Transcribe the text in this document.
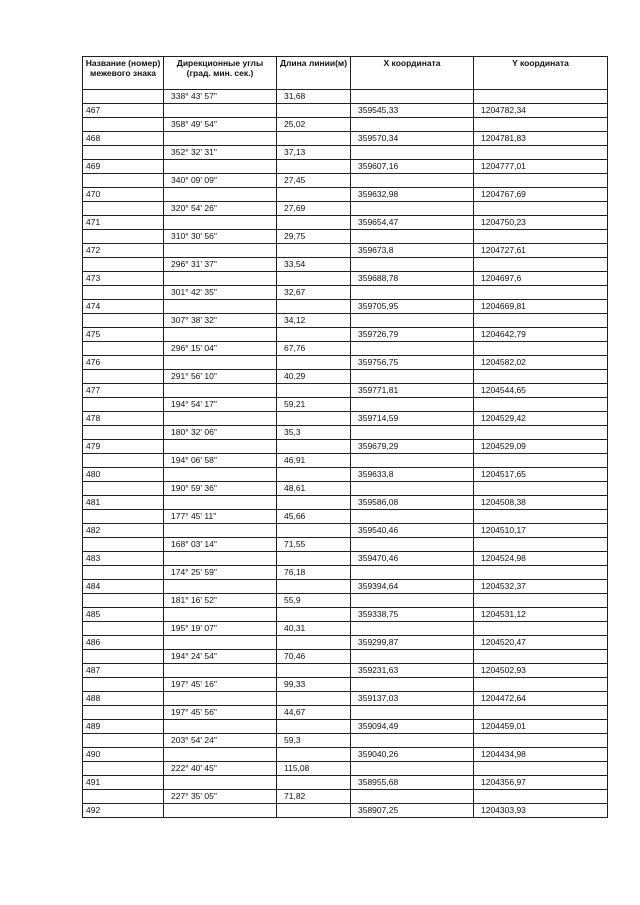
Название (номер) межевого знака	Дирекционные углы (град. мин. сек.)	Длина линии(м)	X координата	Y координата
	338° 43' 57"	31,68		
467			359545,33	1204782,34
	358° 49' 54"	25,02		
468			359570,34	1204781,83
	352° 32' 31"	37,13		
469			359607,16	1204777,01
	340° 09' 09"	27,45		
470			359632,98	1204767,69
	320° 54' 26"	27,69		
471			359654,47	1204750,23
	310° 30' 56"	29,75		
472			359673,8	1204727,61
	296° 31' 37"	33,54		
473			359688,78	1204697,6
	301° 42' 35"	32,67		
474			359705,95	1204669,81
	307° 38' 32"	34,12		
475			359726,79	1204642,79
	296° 15' 04"	67,76		
476			359756,75	1204582,02
	291° 56' 10"	40,29		
477			359771,81	1204544,65
	194° 54' 17"	59,21		
478			359714,59	1204529,42
	180° 32' 06"	35,3		
479			359679,29	1204529,09
	194° 06' 58"	46,91		
480			359633,8	1204517,65
	190° 59' 36"	48,61		
481			359586,08	1204508,38
	177° 45' 11"	45,66		
482			359540,46	1204510,17
	168° 03' 14"	71,55		
483			359470,46	1204524,98
	174° 25' 59"	76,18		
484			359394,64	1204532,37
	181° 16' 52"	55,9		
485			359338,75	1204531,12
	195° 19' 07"	40,31		
486			359299,87	1204520,47
	194° 24' 54"	70,46		
487			359231,63	1204502,93
	197° 45' 16"	99,33		
488			359137,03	1204472,64
	197° 45' 56"	44,67		
489			359094,49	1204459,01
	203° 54' 24"	59,3		
490			359040,26	1204434,98
	222° 40' 45"	115,08		
491			358955,68	1204356,97
	227° 35' 05"	71,82		
492			358907,25	1204303,93
